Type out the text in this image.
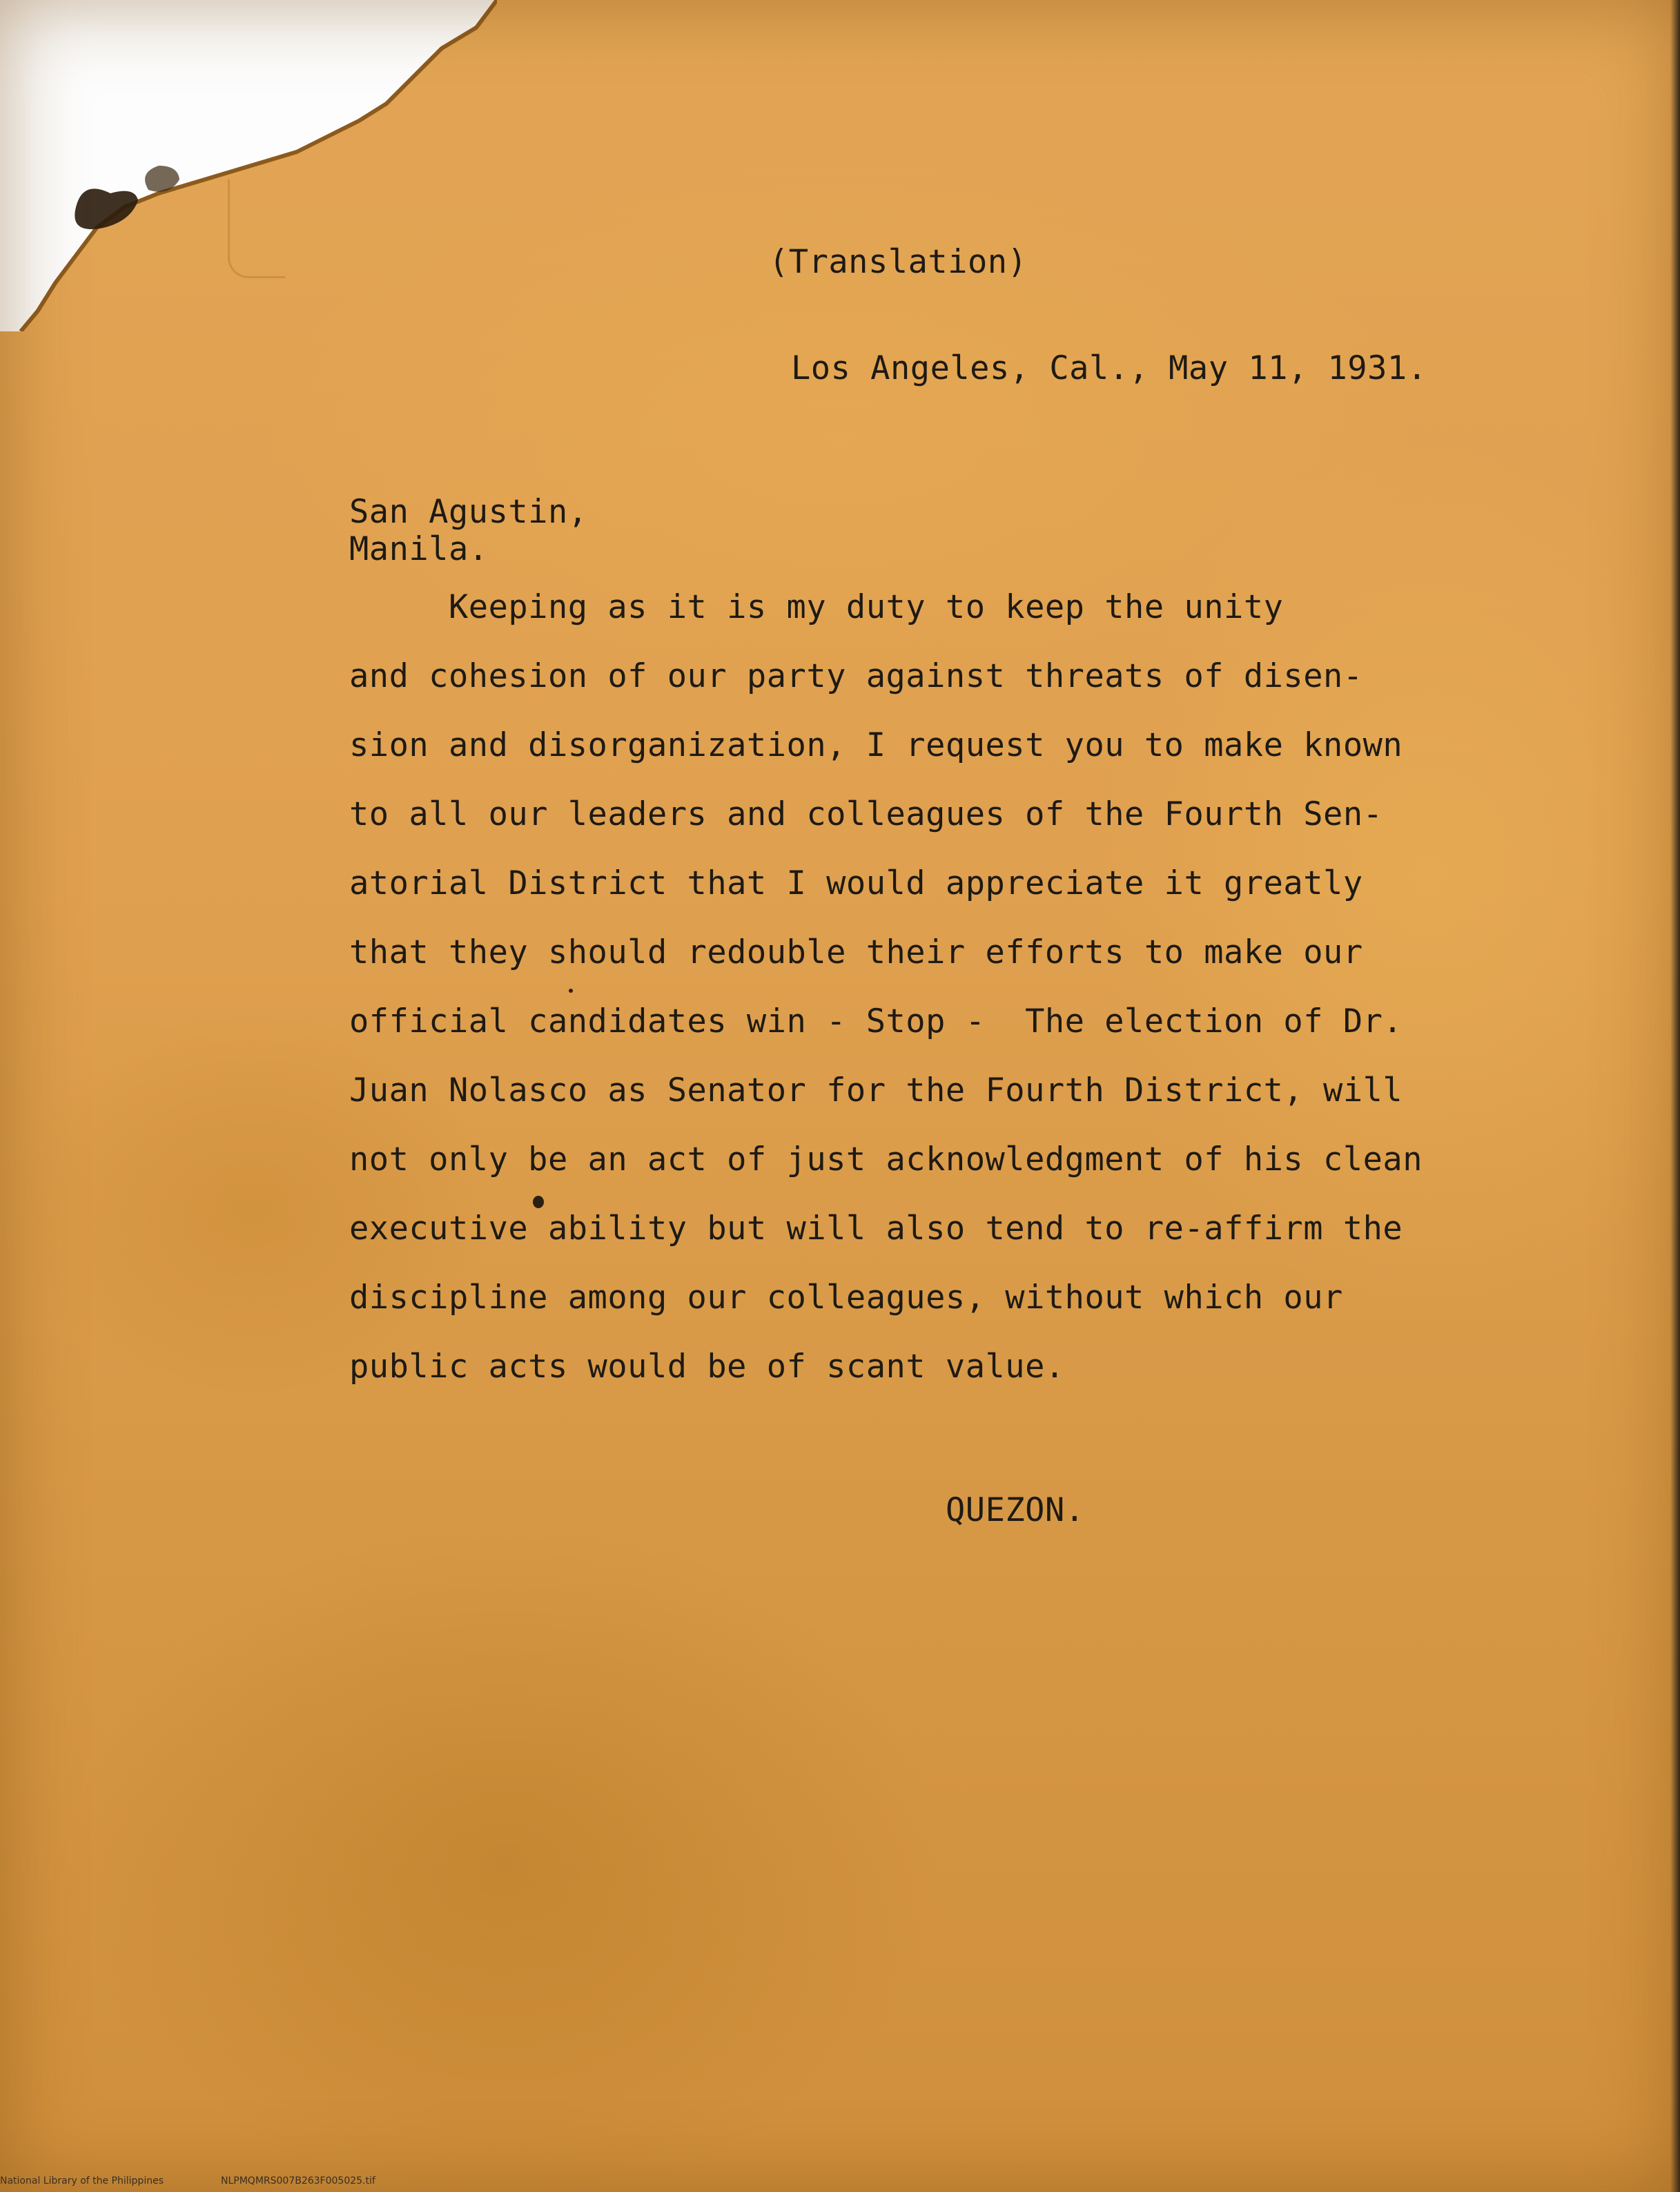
(Translation)
Los Angeles, Cal., May 11, 1931.
San Agustin,
Manila.
Keeping as it is my duty to keep the unity
and cohesion of our party against threats of disen-
sion and disorganization, I request you to make known
to all our leaders and colleagues of the Fourth Sen-
atorial District that I would appreciate it greatly
that they should redouble their efforts to make our
official candidates win - Stop -  The election of Dr.
Juan Nolasco as Senator for the Fourth District, will
not only be an act of just acknowledgment of his clean
executive ability but will also tend to re-affirm the
discipline among our colleagues, without which our
public acts would be of scant value.
QUEZON.

National Library of the Philippines

	NLPMQMRS007B263F005025.tif
